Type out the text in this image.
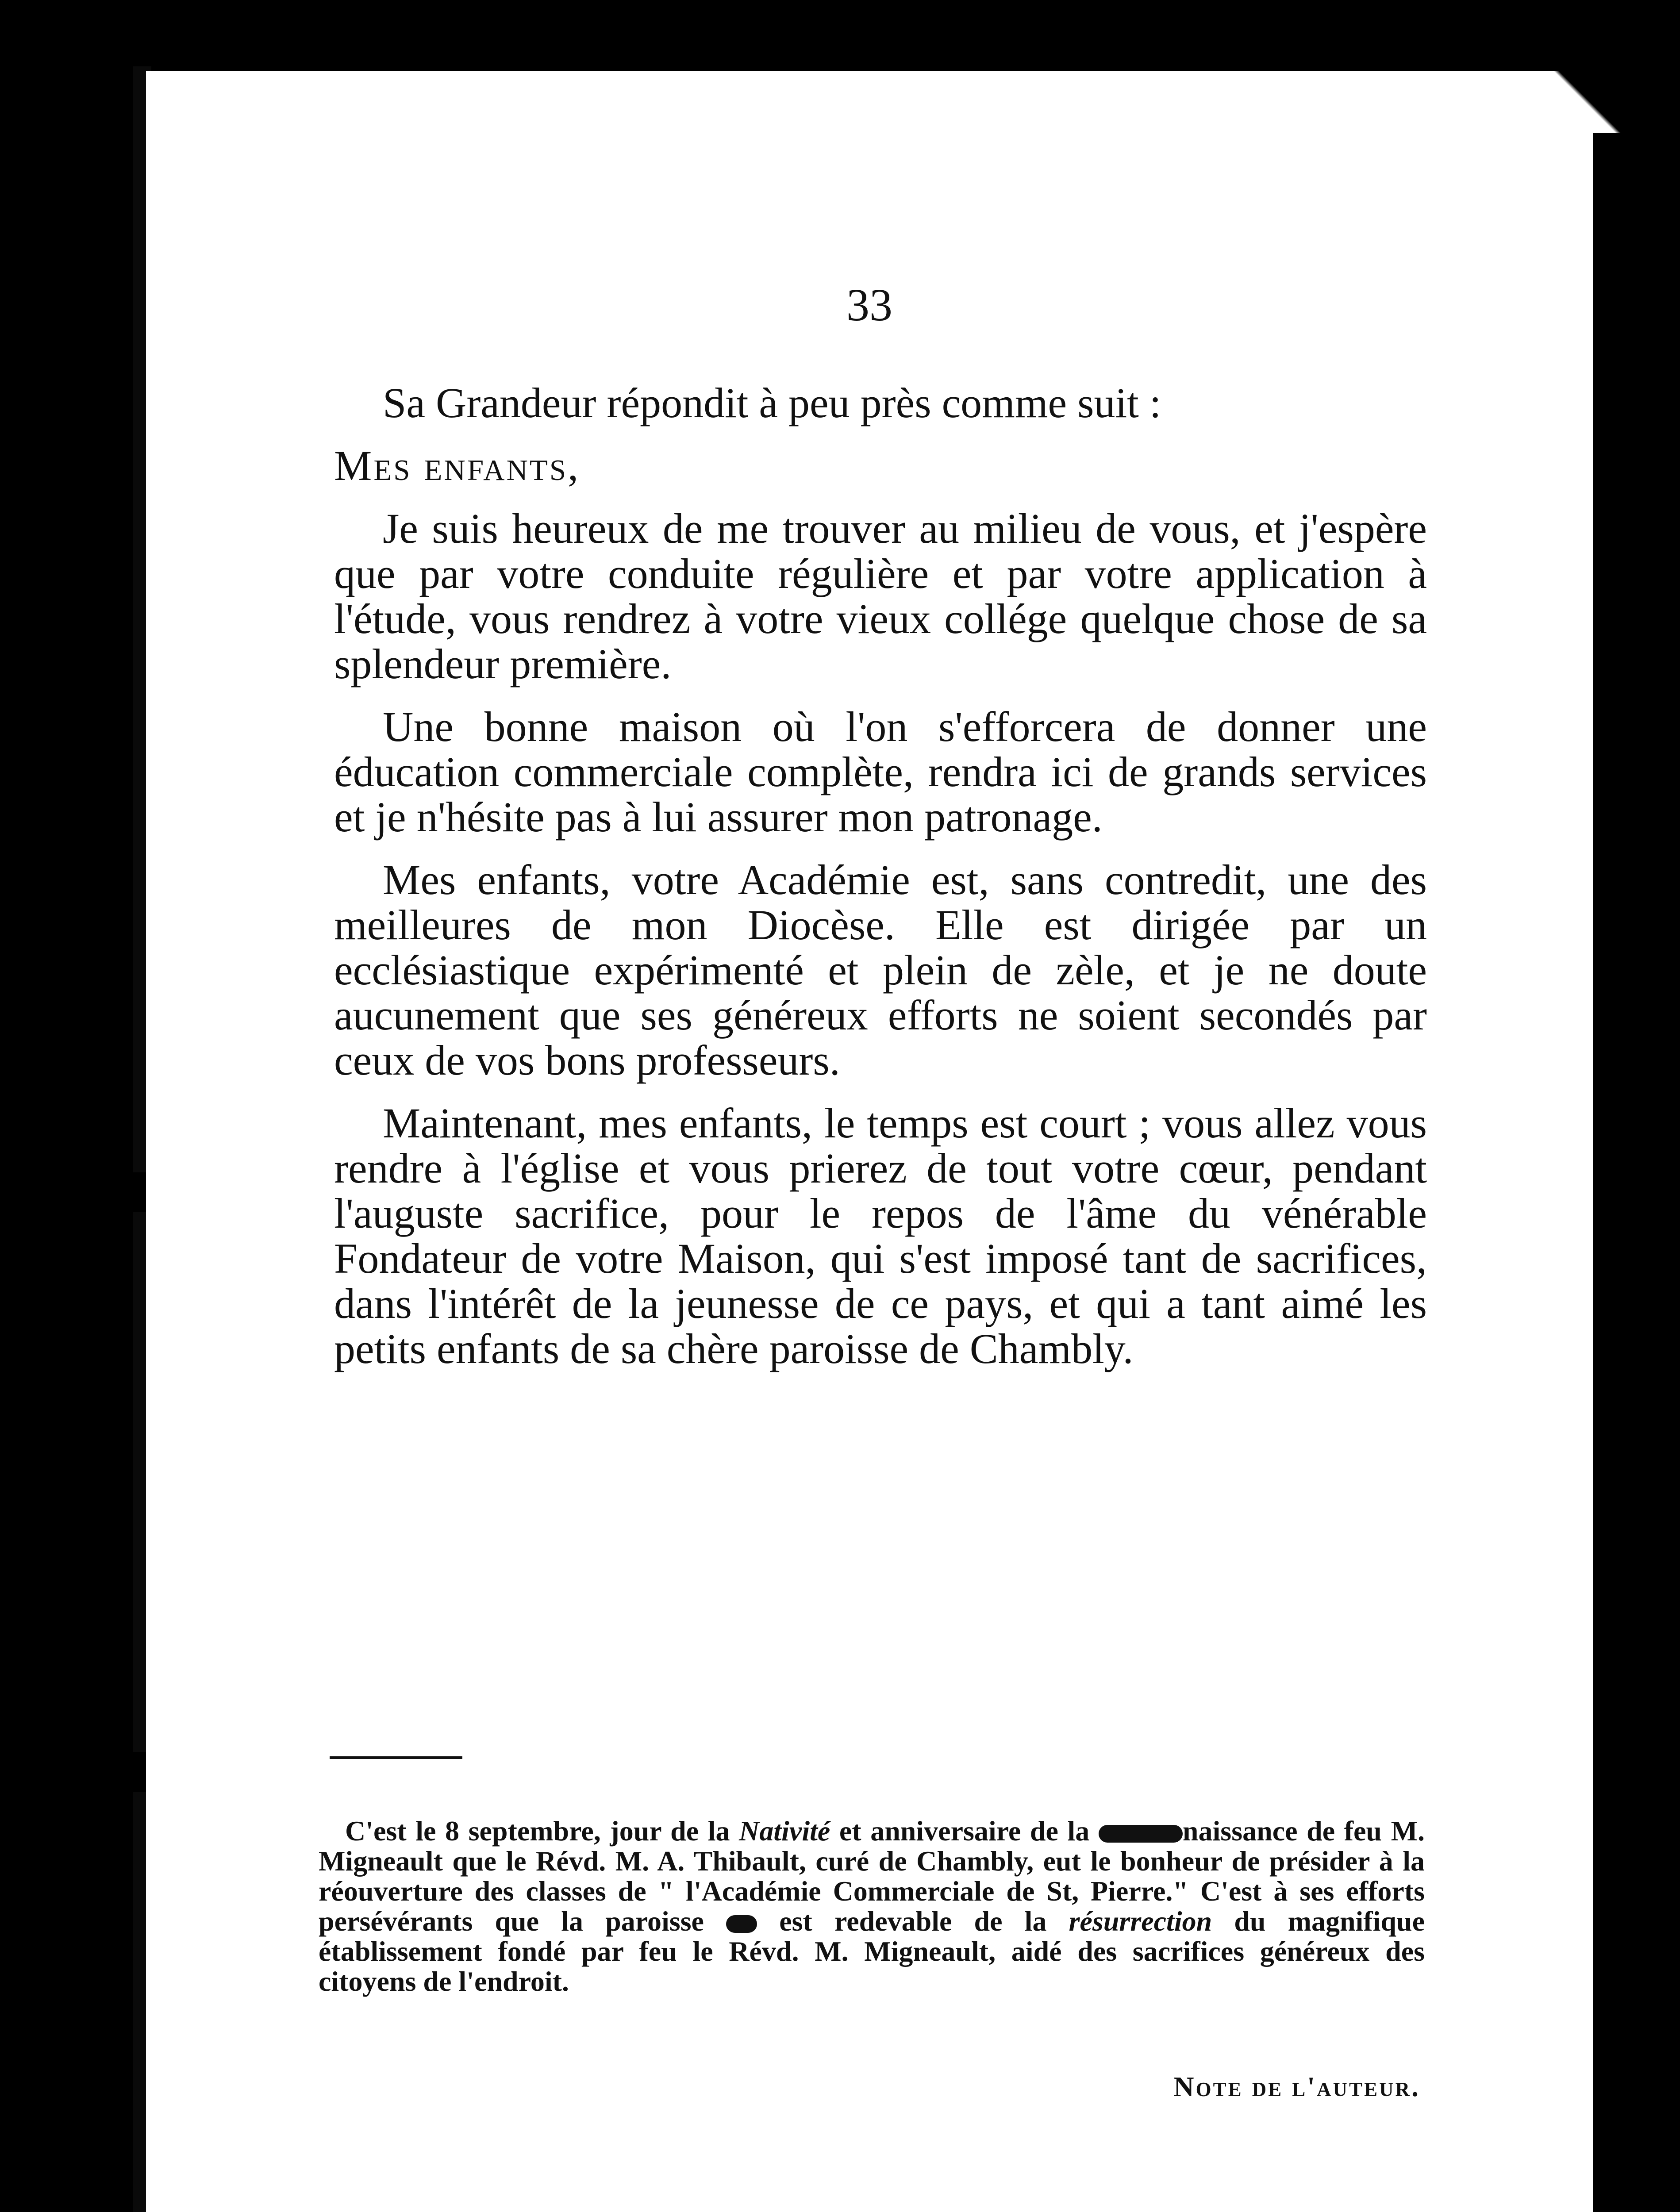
33

Sa Grandeur répondit à peu près comme suit :

Mes enfants,

Je suis heureux de me trouver au milieu de vous, et j'espère que par votre conduite régulière et par votre application à l'étude, vous rendrez à votre vieux collége quelque chose de sa splendeur première.

Une bonne maison où l'on s'efforcera de donner une éducation commerciale complète, rendra ici de grands services et je n'hésite pas à lui assurer mon patronage.

Mes enfants, votre Académie est, sans contredit, une des meilleures de mon Diocèse. Elle est dirigée par un ecclésiastique expérimenté et plein de zèle, et je ne doute aucunement que ses généreux efforts ne soient secondés par ceux de vos bons professeurs.

Maintenant, mes enfants, le temps est court ; vous allez vous rendre à l'église et vous prierez de tout votre cœur, pendant l'auguste sacrifice, pour le repos de l'âme du vénérable Fondateur de votre Maison, qui s'est imposé tant de sacrifices, dans l'intérêt de la jeunesse de ce pays, et qui a tant aimé les petits enfants de sa chère paroisse de Chambly.

C'est le 8 septembre, jour de la Nativité et anniversaire de la	naissance de feu M. Migneault que le Révd. M. A. Thibault, curé de Chambly, eut le bonheur de présider à la réouverture des classes de " l'Académie Commerciale de St, Pierre." C'est à ses efforts persévérants que la paroisse  est redevable de la résurrection du magnifique établissement fondé par feu le Révd. M. Migneault, aidé des sacrifices généreux des citoyens de l'endroit.
Note de l'auteur.
